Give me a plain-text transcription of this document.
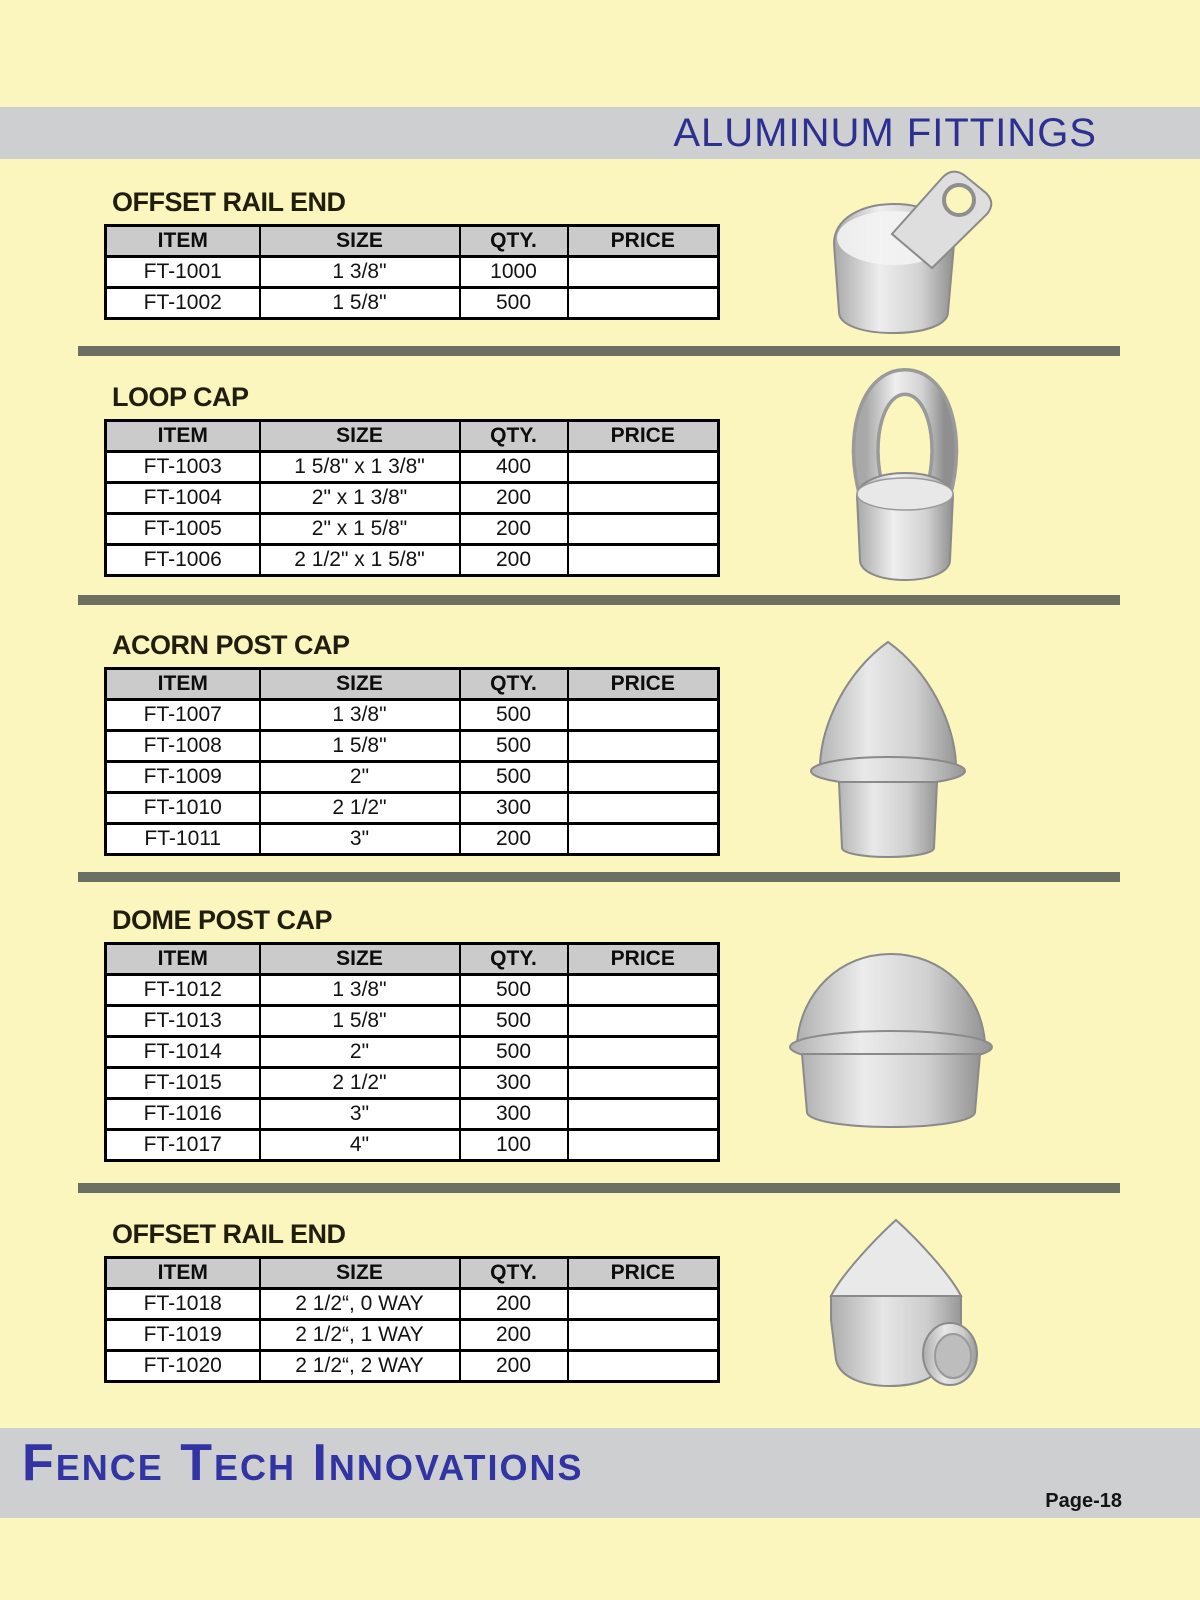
ALUMINUM FITTINGS
OFFSET RAIL END
ITEM	SIZE	QTY.	PRICE
FT-1001	1 3/8"	1000	
FT-1002	1 5/8"	500	
LOOP CAP
ITEM	SIZE	QTY.	PRICE
FT-1003	1 5/8" x 1 3/8"	400	
FT-1004	2" x 1 3/8"	200	
FT-1005	2" x 1 5/8"	200	
FT-1006	2 1/2" x 1 5/8"	200	
ACORN POST CAP
ITEM	SIZE	QTY.	PRICE
FT-1007	1 3/8"	500	
FT-1008	1 5/8"	500	
FT-1009	2"	500	
FT-1010	2 1/2"	300	
FT-1011	3"	200	
DOME POST CAP
ITEM	SIZE	QTY.	PRICE
FT-1012	1 3/8"	500	
FT-1013	1 5/8"	500	
FT-1014	2"	500	
FT-1015	2 1/2"	300	
FT-1016	3"	300	
FT-1017	4"	100	
OFFSET RAIL END
ITEM	SIZE	QTY.	PRICE
FT-1018	2 1/2“, 0 WAY	200	
FT-1019	2 1/2“, 1 WAY	200	
FT-1020	2 1/2“, 2 WAY	200	
Fence Tech Innovations
Page-18
